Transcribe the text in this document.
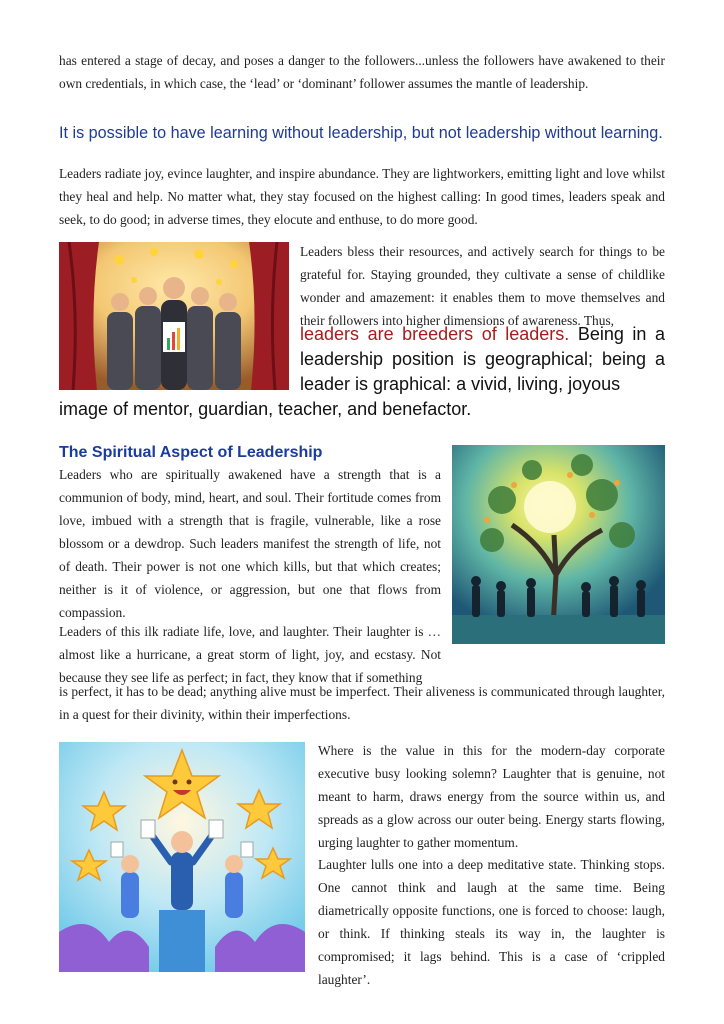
has entered a stage of decay, and poses a danger to the followers...unless the followers have awakened to their own credentials, in which case, the ‘lead’ or ‘dominant’ follower assumes the mantle of leadership.

It is possible to have learning without leadership, but not leadership without learning.

Leaders radiate joy, evince laughter, and inspire abundance. They are lightworkers, emitting light and love whilst they heal and help. No matter what, they stay focused on the highest calling: In good times, leaders speak and seek, to do good; in adverse times, they elocute and enthuse, to do more good.

Leaders bless their resources, and actively search for things to be grateful for. Staying grounded, they cultivate a sense of childlike wonder and amazement: it enables them to move themselves and their followers into higher dimensions of awareness. Thus,

leaders are breeders of leaders. Being in a leadership position is geographical; being a leader is graphical: a vivid, living, joyous

image of mentor, guardian, teacher, and benefactor.

The Spiritual Aspect of Leadership

Leaders who are spiritually awakened have a strength that is a communion of body, mind, heart, and soul. Their fortitude comes from love, imbued with a strength that is fragile, vulnerable, like a rose blossom or a dewdrop. Such leaders manifest the strength of life, not of death. Their power is not one which kills, but that which creates; neither is it of violence, or aggression, but one that flows from compassion.

Leaders of this ilk radiate life, love, and laughter. Their laughter is … almost like a hurricane, a great storm of light, joy, and ecstasy. Not because they see life as perfect; in fact, they know that if something

is perfect, it has to be dead; anything alive must be imperfect. Their aliveness is communicated through laughter, in a quest for their divinity, within their imperfections.

Where is the value in this for the modern-day corporate executive busy looking solemn? Laughter that is genuine, not meant to harm, draws energy from the source within us, and spreads as a glow across our outer being. Energy starts flowing, urging laughter to gather momentum.

Laughter lulls one into a deep meditative state. Thinking stops. One cannot think and laugh at the same time. Being diametrically opposite functions, one is forced to choose: laugh, or think. If thinking steals its way in, the laughter is compromised; it lags behind. This is a case of ‘crippled laughter’.
